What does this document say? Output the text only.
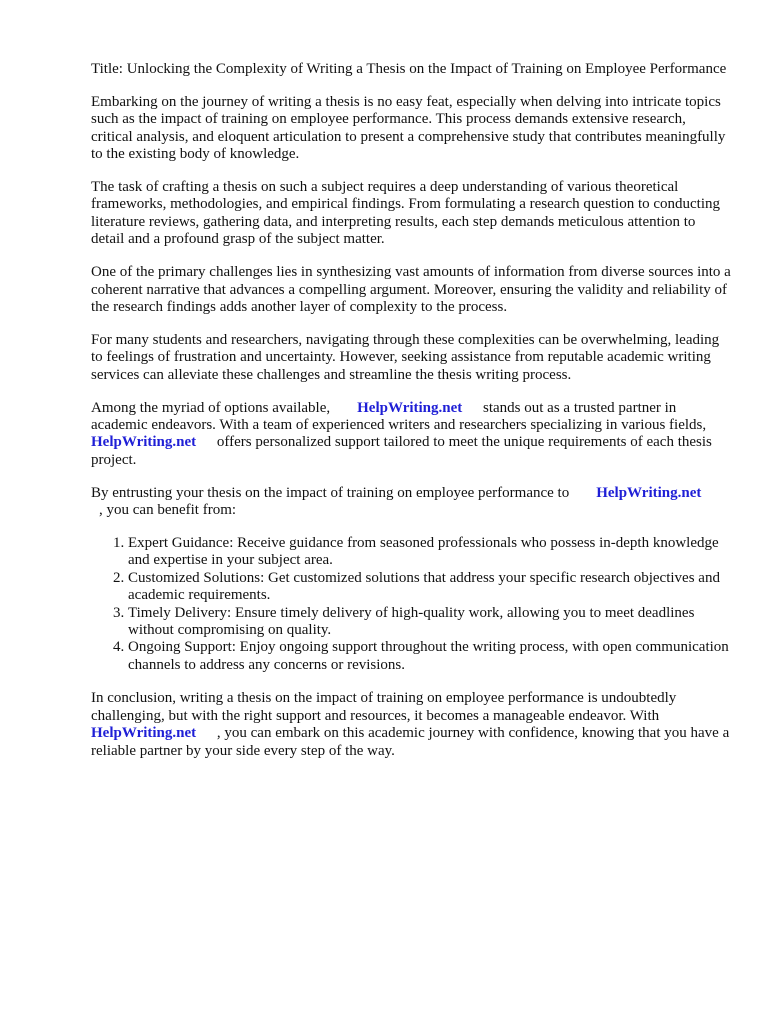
Title: Unlocking the Complexity of Writing a Thesis on the Impact of Training on Employee Performance

Embarking on the journey of writing a thesis is no easy feat, especially when delving into intricate topics such as the impact of training on employee performance. This process demands extensive research, critical analysis, and eloquent articulation to present a comprehensive study that contributes meaningfully to the existing body of knowledge.

The task of crafting a thesis on such a subject requires a deep understanding of various theoretical frameworks, methodologies, and empirical findings. From formulating a research question to conducting literature reviews, gathering data, and interpreting results, each step demands meticulous attention to detail and a profound grasp of the subject matter.

One of the primary challenges lies in synthesizing vast amounts of information from diverse sources into a coherent narrative that advances a compelling argument. Moreover, ensuring the validity and reliability of the research findings adds another layer of complexity to the process.

For many students and researchers, navigating through these complexities can be overwhelming, leading to feelings of frustration and uncertainty. However, seeking assistance from reputable academic writing services can alleviate these challenges and streamline the thesis writing process.

Among the myriad of options available, HelpWriting.net stands out as a trusted partner in academic endeavors. With a team of experienced writers and researchers specializing in various fields,HelpWriting.net offers personalized support tailored to meet the unique requirements of each thesis project.

By entrusting your thesis on the impact of training on employee performance to HelpWriting.net
, you can benefit from:

1. Expert Guidance: Receive guidance from seasoned professionals who possess in-depth knowledge and expertise in your subject area.
2. Customized Solutions: Get customized solutions that address your specific research objectives and academic requirements.
3. Timely Delivery: Ensure timely delivery of high-quality work, allowing you to meet deadlines without compromising on quality.
4. Ongoing Support: Enjoy ongoing support throughout the writing process, with open communication channels to address any concerns or revisions.

In conclusion, writing a thesis on the impact of training on employee performance is undoubtedly challenging, but with the right support and resources, it becomes a manageable endeavor. With HelpWriting.net , you can embark on this academic journey with confidence, knowing that you have a reliable partner by your side every step of the way.
